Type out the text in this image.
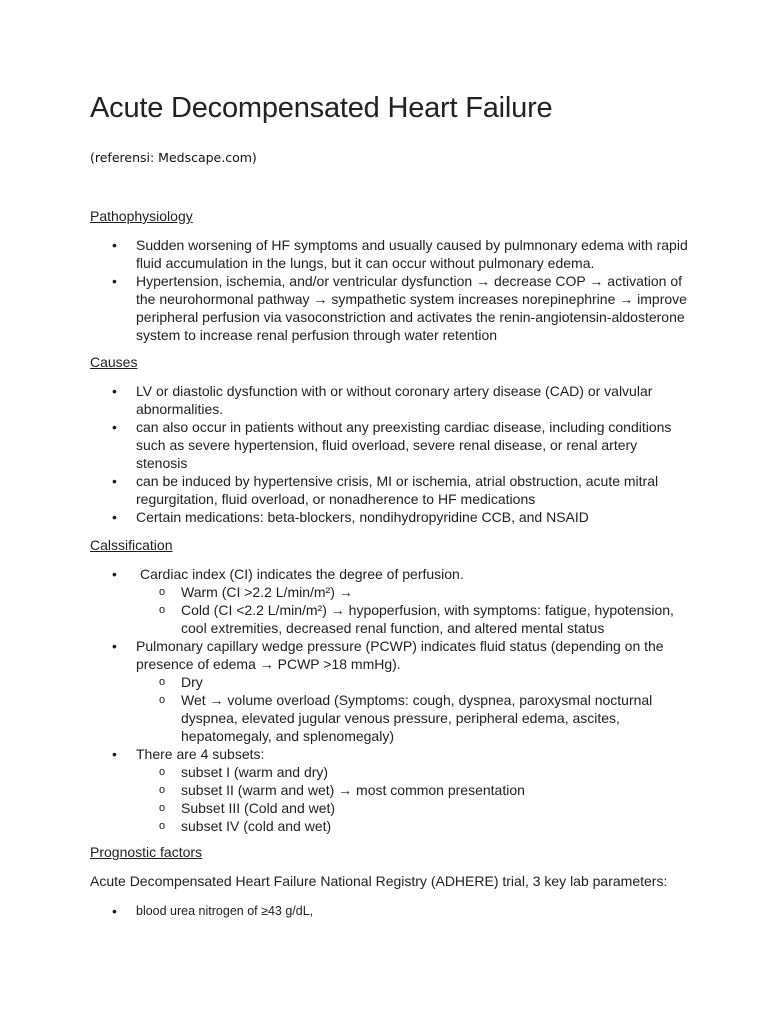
Acute Decompensated Heart Failure

(referensi: Medscape.com)

Pathophysiology

• Sudden worsening of HF symptoms and usually caused by pulmnonary edema with rapid fluid accumulation in the lungs, but it can occur without pulmonary edema.
• Hypertension, ischemia, and/or ventricular dysfunction → decrease COP → activation of the neurohormonal pathway → sympathetic system increases norepinephrine → improve peripheral perfusion via vasoconstriction and activates the renin-angiotensin-aldosterone system to increase renal perfusion through water retention

Causes

• LV or diastolic dysfunction with or without coronary artery disease (CAD) or valvular abnormalities.
• can also occur in patients without any preexisting cardiac disease, including conditions such as severe hypertension, fluid overload, severe renal disease, or renal artery stenosis
• can be induced by hypertensive crisis, MI or ischemia, atrial obstruction, acute mitral regurgitation, fluid overload, or nonadherence to HF medications
• Certain medications: beta-blockers, nondihydropyridine CCB, and NSAID

Calssification

• Cardiac index (CI) indicates the degree of perfusion.
o Warm (CI >2.2 L/min/m²) →
o Cold (CI <2.2 L/min/m²) → hypoperfusion, with symptoms: fatigue, hypotension, cool extremities, decreased renal function, and altered mental status
• Pulmonary capillary wedge pressure (PCWP) indicates fluid status (depending on the presence of edema → PCWP >18 mmHg).
o Dry
o Wet → volume overload (Symptoms: cough, dyspnea, paroxysmal nocturnal dyspnea, elevated jugular venous pressure, peripheral edema, ascites, hepatomegaly, and splenomegaly)
• There are 4 subsets:
o subset I (warm and dry)
o subset II (warm and wet) → most common presentation
o Subset III (Cold and wet)
o subset IV (cold and wet)

Prognostic factors

Acute Decompensated Heart Failure National Registry (ADHERE) trial, 3 key lab parameters:

• blood urea nitrogen of ≥43 g/dL,
